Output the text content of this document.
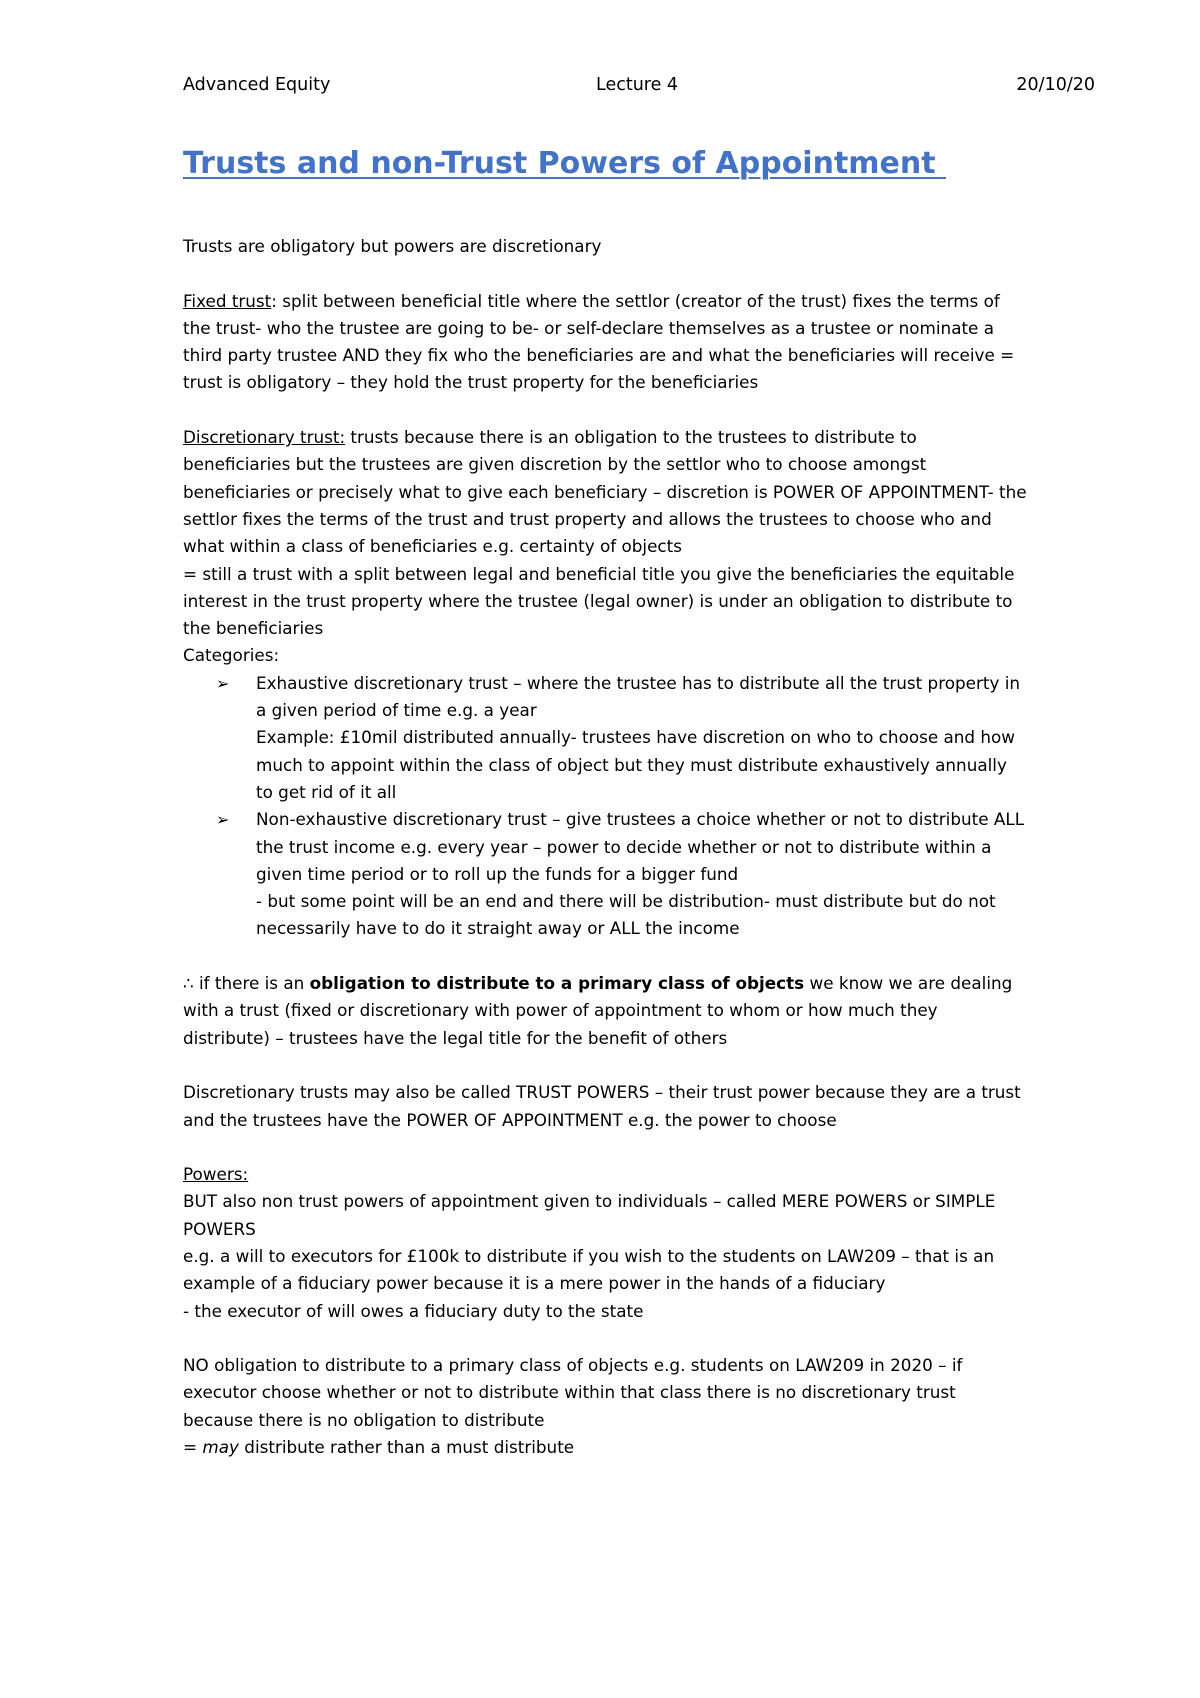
Advanced Equity	Lecture 4	20/10/20
Trusts and non-Trust Powers of Appointment

Trusts are obligatory but powers are discretionary

Fixed trust: split between beneficial title where the settlor (creator of the trust) fixes the terms of the trust- who the trustee are going to be- or self-declare themselves as a trustee or nominate a third party trustee AND they fix who the beneficiaries are and what the beneficiaries will receive = trust is obligatory – they hold the trust property for the beneficiaries

Discretionary trust: trusts because there is an obligation to the trustees to distribute to beneficiaries but the trustees are given discretion by the settlor who to choose amongst beneficiaries or precisely what to give each beneficiary – discretion is POWER OF APPOINTMENT- the settlor fixes the terms of the trust and trust property and allows the trustees to choose who and what within a class of beneficiaries e.g. certainty of objects

= still a trust with a split between legal and beneficial title you give the beneficiaries the equitable interest in the trust property where the trustee (legal owner) is under an obligation to distribute to the beneficiaries

Categories:

➢ Exhaustive discretionary trust – where the trustee has to distribute all the trust property in a given period of time e.g. a year
Example: £10mil distributed annually- trustees have discretion on who to choose and how much to appoint within the class of object but they must distribute exhaustively annually to get rid of it all
➢ Non-exhaustive discretionary trust – give trustees a choice whether or not to distribute ALL the trust income e.g. every year – power to decide whether or not to distribute within a given time period or to roll up the funds for a bigger fund
- but some point will be an end and there will be distribution- must distribute but do not necessarily have to do it straight away or ALL the income

∴ if there is an obligation to distribute to a primary class of objects we know we are dealing with a trust (fixed or discretionary with power of appointment to whom or how much they distribute) – trustees have the legal title for the benefit of others

Discretionary trusts may also be called TRUST POWERS – their trust power because they are a trust and the trustees have the POWER OF APPOINTMENT e.g. the power to choose

Powers:

BUT also non trust powers of appointment given to individuals – called MERE POWERS or SIMPLE POWERS

e.g. a will to executors for £100k to distribute if you wish to the students on LAW209 – that is an example of a fiduciary power because it is a mere power in the hands of a fiduciary

- the executor of will owes a fiduciary duty to the state

NO obligation to distribute to a primary class of objects e.g. students on LAW209 in 2020 – if executor choose whether or not to distribute within that class there is no discretionary trust because there is no obligation to distribute

= may distribute rather than a must distribute
